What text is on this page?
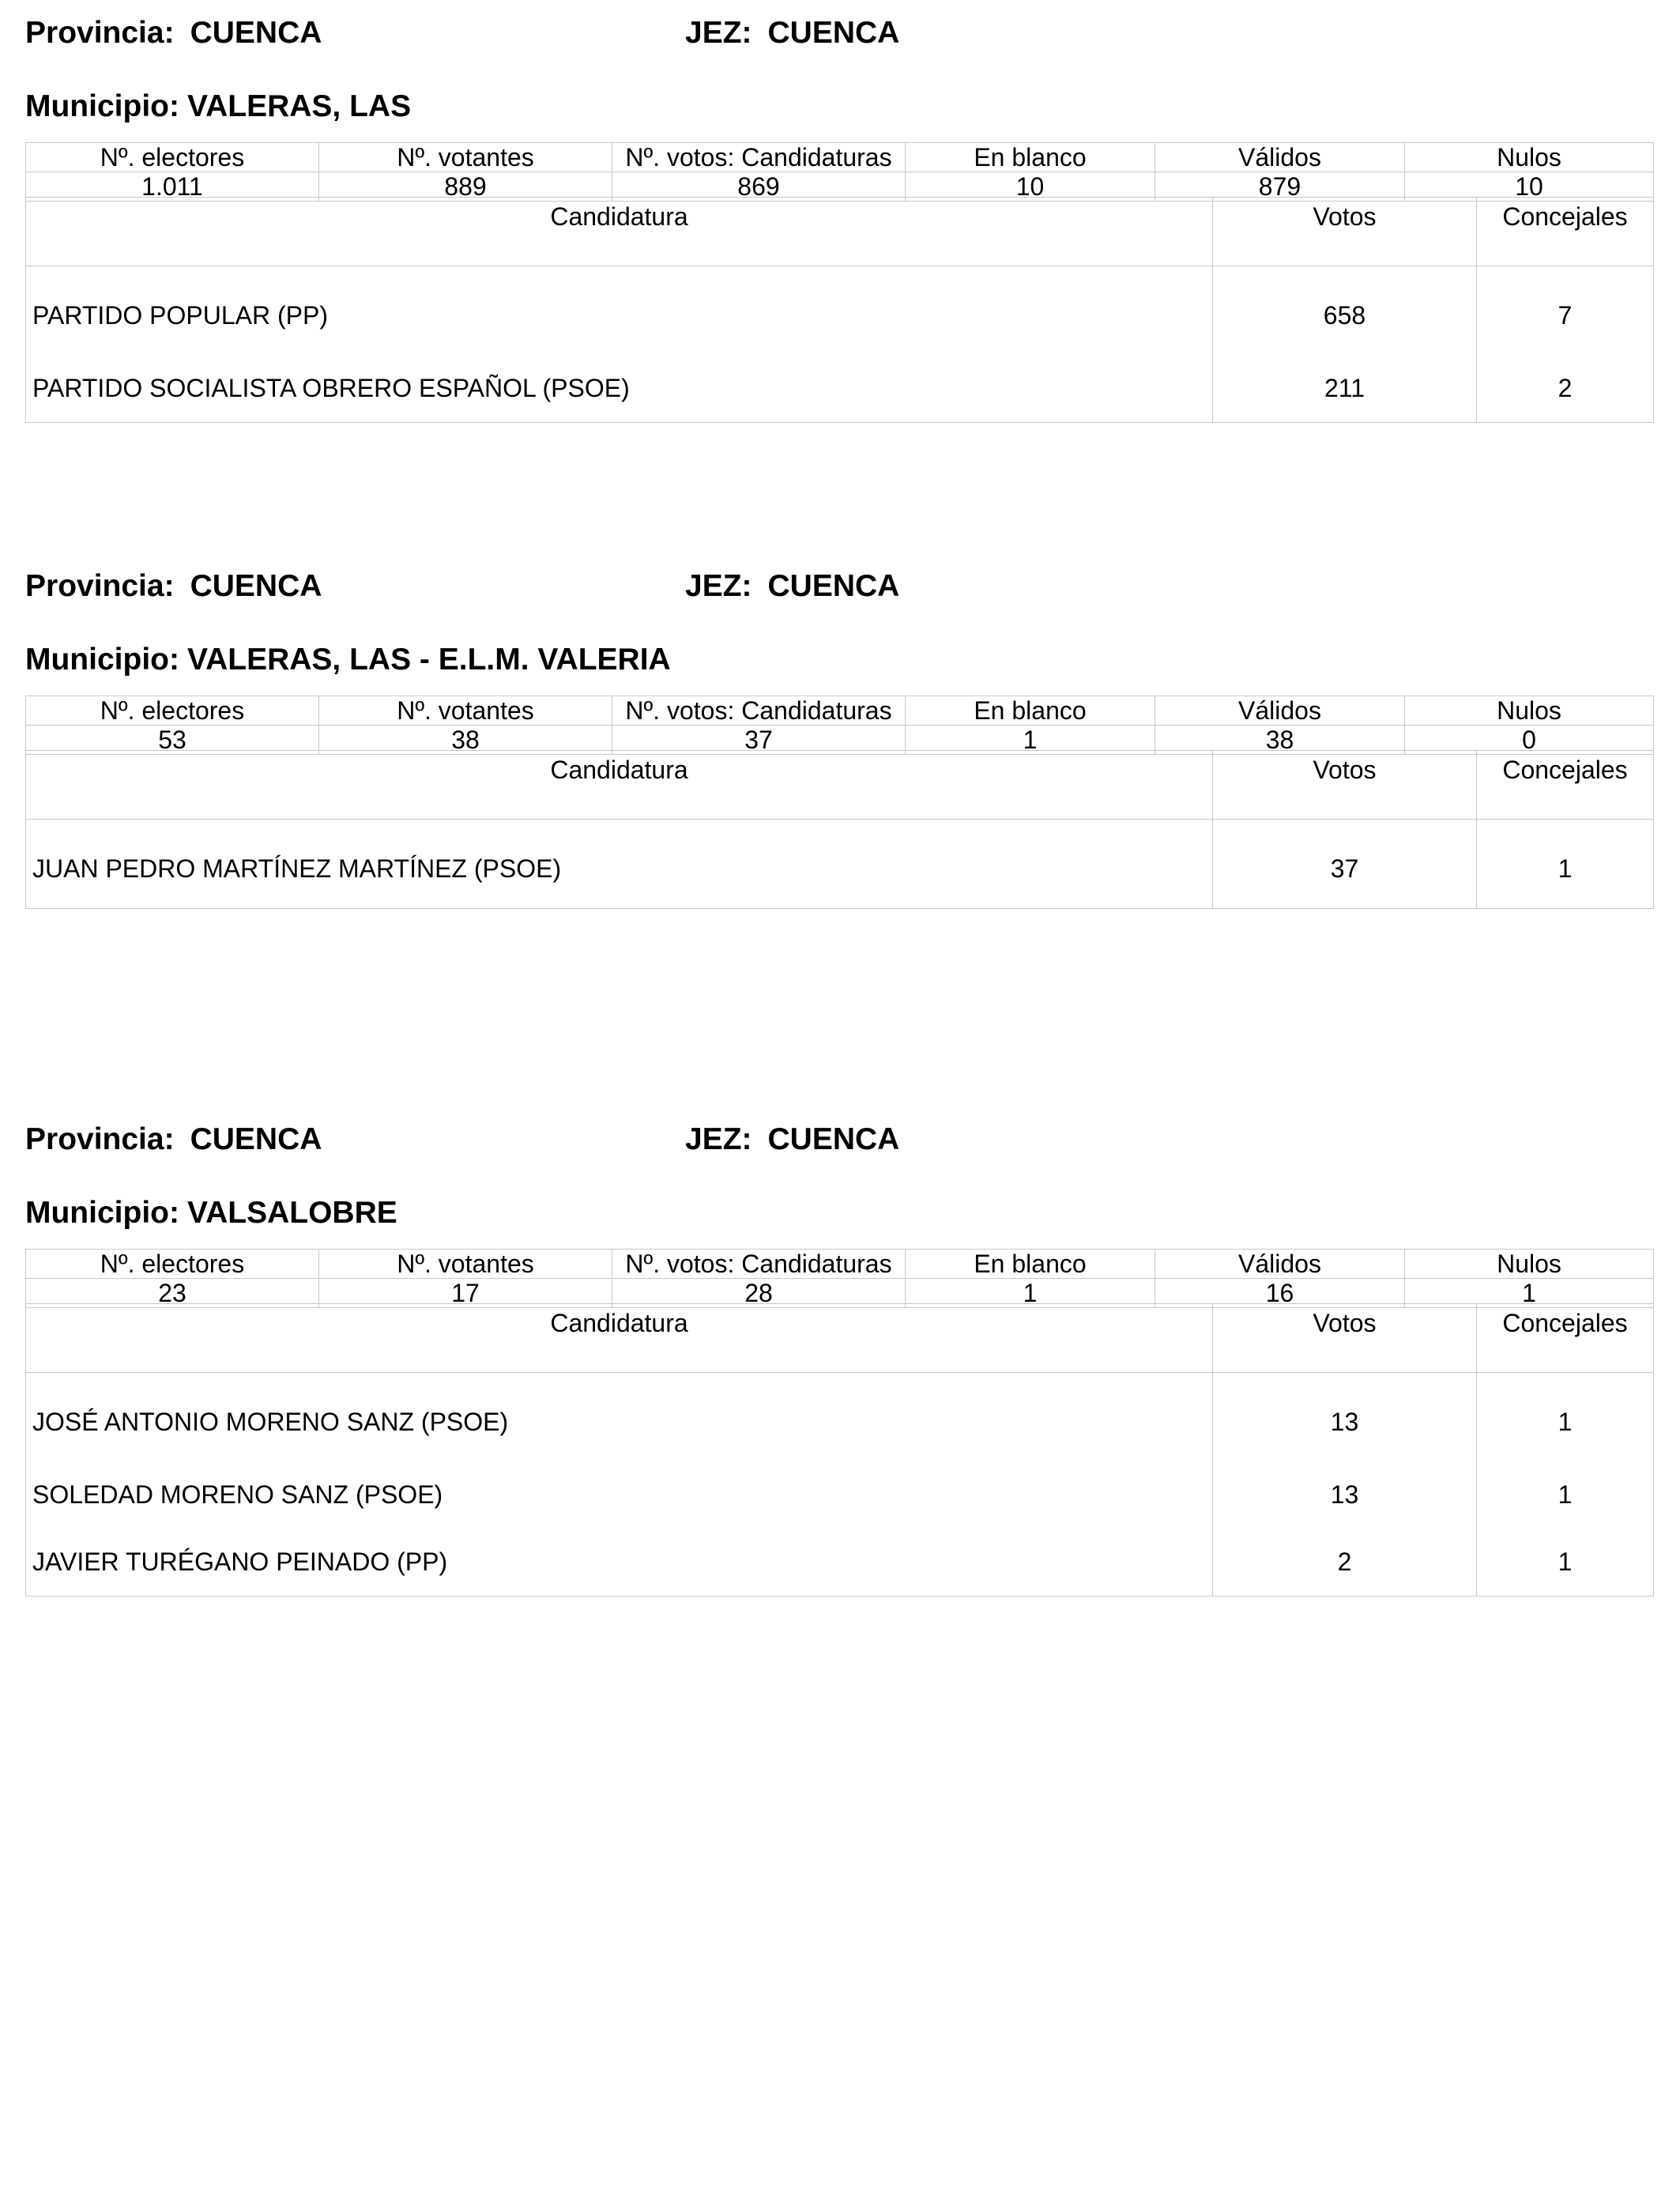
Provincia: CUENCA	JEZ: CUENCA
Municipio: VALERAS, LAS
Nº. electores	Nº. votantes	Nº. votos: Candidaturas	En blanco	Válidos	Nulos
1.011	889	869	10	879	10
Candidatura	Votos	Concejales
PARTIDO POPULAR (PP)	658	7
PARTIDO SOCIALISTA OBRERO ESPAÑOL (PSOE)	211	2
Provincia: CUENCA	JEZ: CUENCA
Municipio: VALERAS, LAS - E.L.M. VALERIA
Nº. electores	Nº. votantes	Nº. votos: Candidaturas	En blanco	Válidos	Nulos
53	38	37	1	38	0
Candidatura	Votos	Concejales
JUAN PEDRO MARTÍNEZ MARTÍNEZ (PSOE)	37	1
Provincia: CUENCA	JEZ: CUENCA
Municipio: VALSALOBRE
Nº. electores	Nº. votantes	Nº. votos: Candidaturas	En blanco	Válidos	Nulos
23	17	28	1	16	1
Candidatura	Votos	Concejales
JOSÉ ANTONIO MORENO SANZ (PSOE)	13	1
SOLEDAD MORENO SANZ (PSOE)	13	1
JAVIER TURÉGANO PEINADO (PP)	2	1
